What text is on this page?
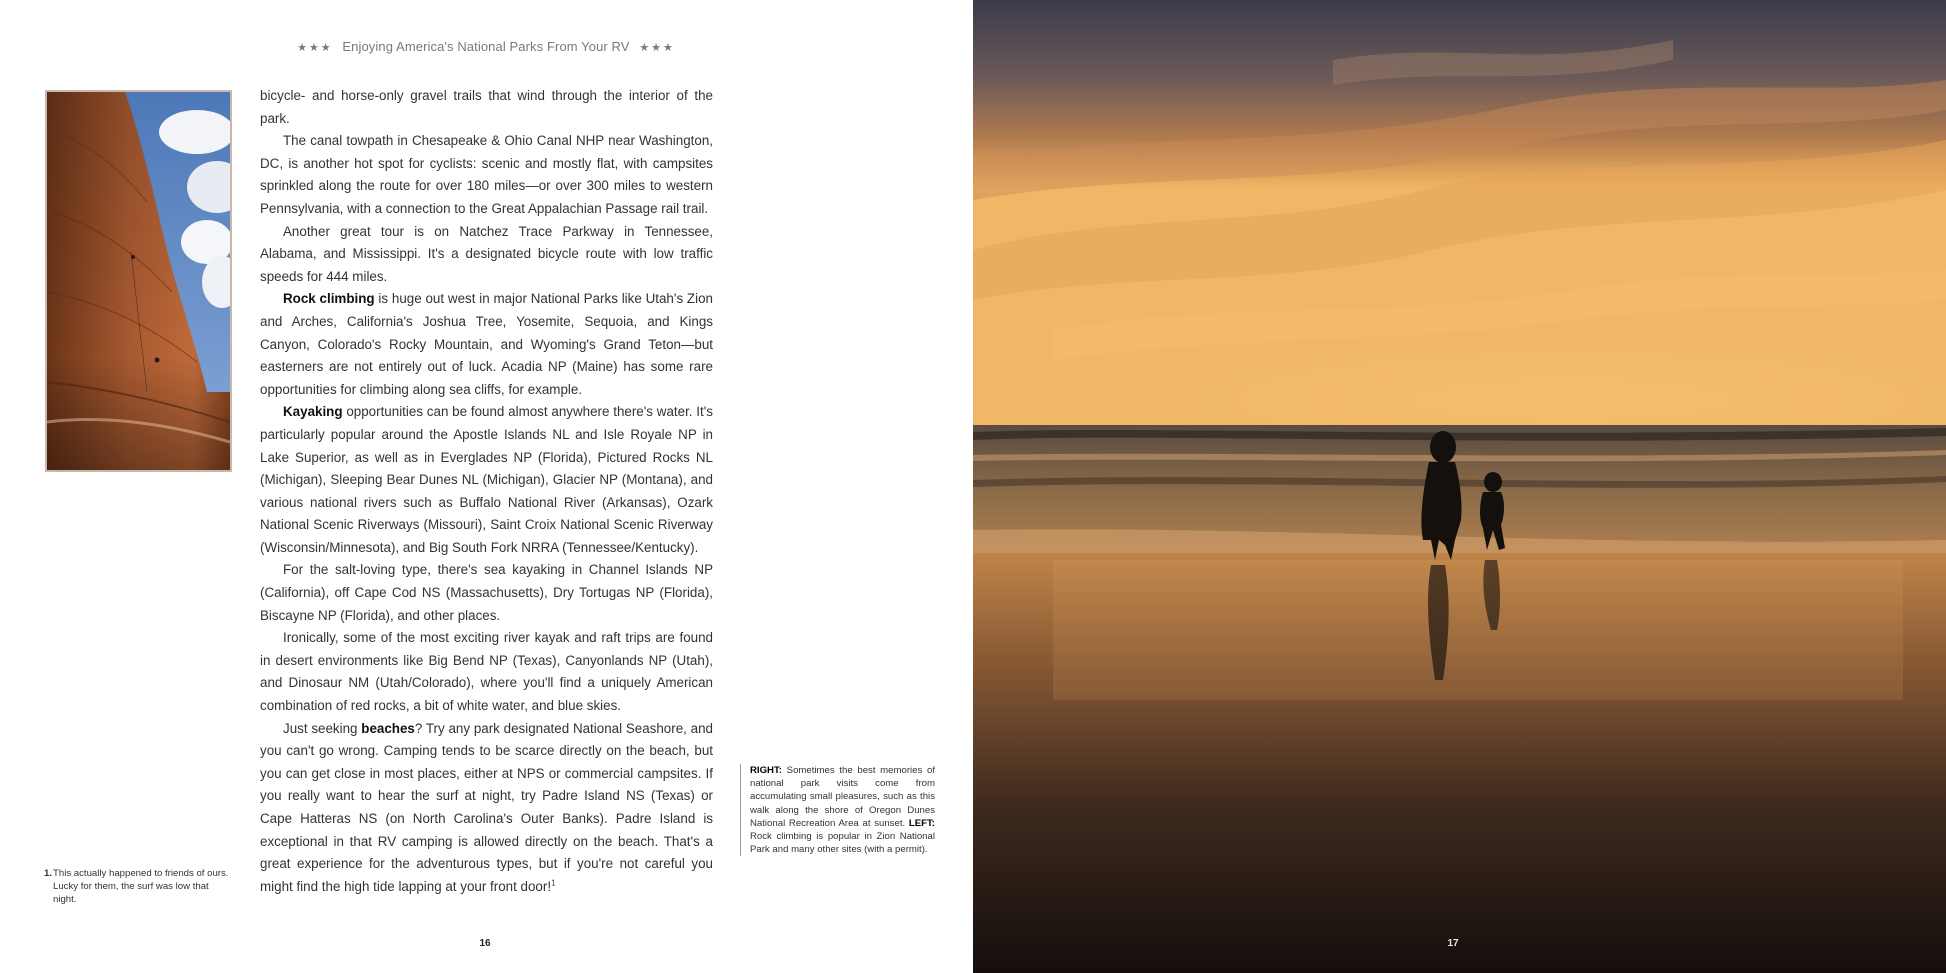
★★★ Enjoying America's National Parks From Your RV ★★★

bicycle- and horse-only gravel trails that wind through the interior of the park.

The canal towpath in Chesapeake & Ohio Canal NHP near Washington, DC, is another hot spot for cyclists: scenic and mostly flat, with campsites sprinkled along the route for over 180 miles—or over 300 miles to western Pennsylvania, with a connection to the Great Appalachian Passage rail trail.

Another great tour is on Natchez Trace Parkway in Tennessee, Alabama, and Mississippi. It's a designated bicycle route with low traffic speeds for 444 miles.

Rock climbing is huge out west in major National Parks like Utah's Zion and Arches, California's Joshua Tree, Yosemite, Sequoia, and Kings Canyon, Colorado's Rocky Mountain, and Wyoming's Grand Teton—but easterners are not entirely out of luck. Acadia NP (Maine) has some rare opportunities for climbing along sea cliffs, for example.

Kayaking opportunities can be found almost anywhere there's water. It's particularly popular around the Apostle Islands NL and Isle Royale NP in Lake Superior, as well as in Everglades NP (Florida), Pictured Rocks NL (Michigan), Sleeping Bear Dunes NL (Michigan), Glacier NP (Montana), and various national rivers such as Buffalo National River (Arkansas), Ozark National Scenic Riverways (Missouri), Saint Croix National Scenic Riverway (Wisconsin/Minnesota), and Big South Fork NRRA (Tennessee/Kentucky).

For the salt-loving type, there's sea kayaking in Channel Islands NP (California), off Cape Cod NS (Massachusetts), Dry Tortugas NP (Florida), Biscayne NP (Florida), and other places.

Ironically, some of the most exciting river kayak and raft trips are found in desert environments like Big Bend NP (Texas), Canyonlands NP (Utah), and Dinosaur NM (Utah/Colorado), where you'll find a uniquely American combination of red rocks, a bit of white water, and blue skies.

Just seeking beaches? Try any park designated National Seashore, and you can't go wrong. Camping tends to be scarce directly on the beach, but you can get close in most places, either at NPS or commercial campsites. If you really want to hear the surf at night, try Padre Island NS (Texas) or Cape Hatteras NS (on North Carolina's Outer Banks). Padre Island is exceptional in that RV camping is allowed directly on the beach. That's a great experience for the adventurous types, but if you're not careful you might find the high tide lapping at your front door!$^1$

1.This actually happened to friends of ours.
Lucky for them, the surf was low that night.
RIGHT: Sometimes the best memories of national park visits come from accumulating small pleasures, such as this walk along the shore of Oregon Dunes National Recreation Area at sunset. LEFT: Rock climbing is popular in Zion National Park and many other sites (with a permit).
16	17
